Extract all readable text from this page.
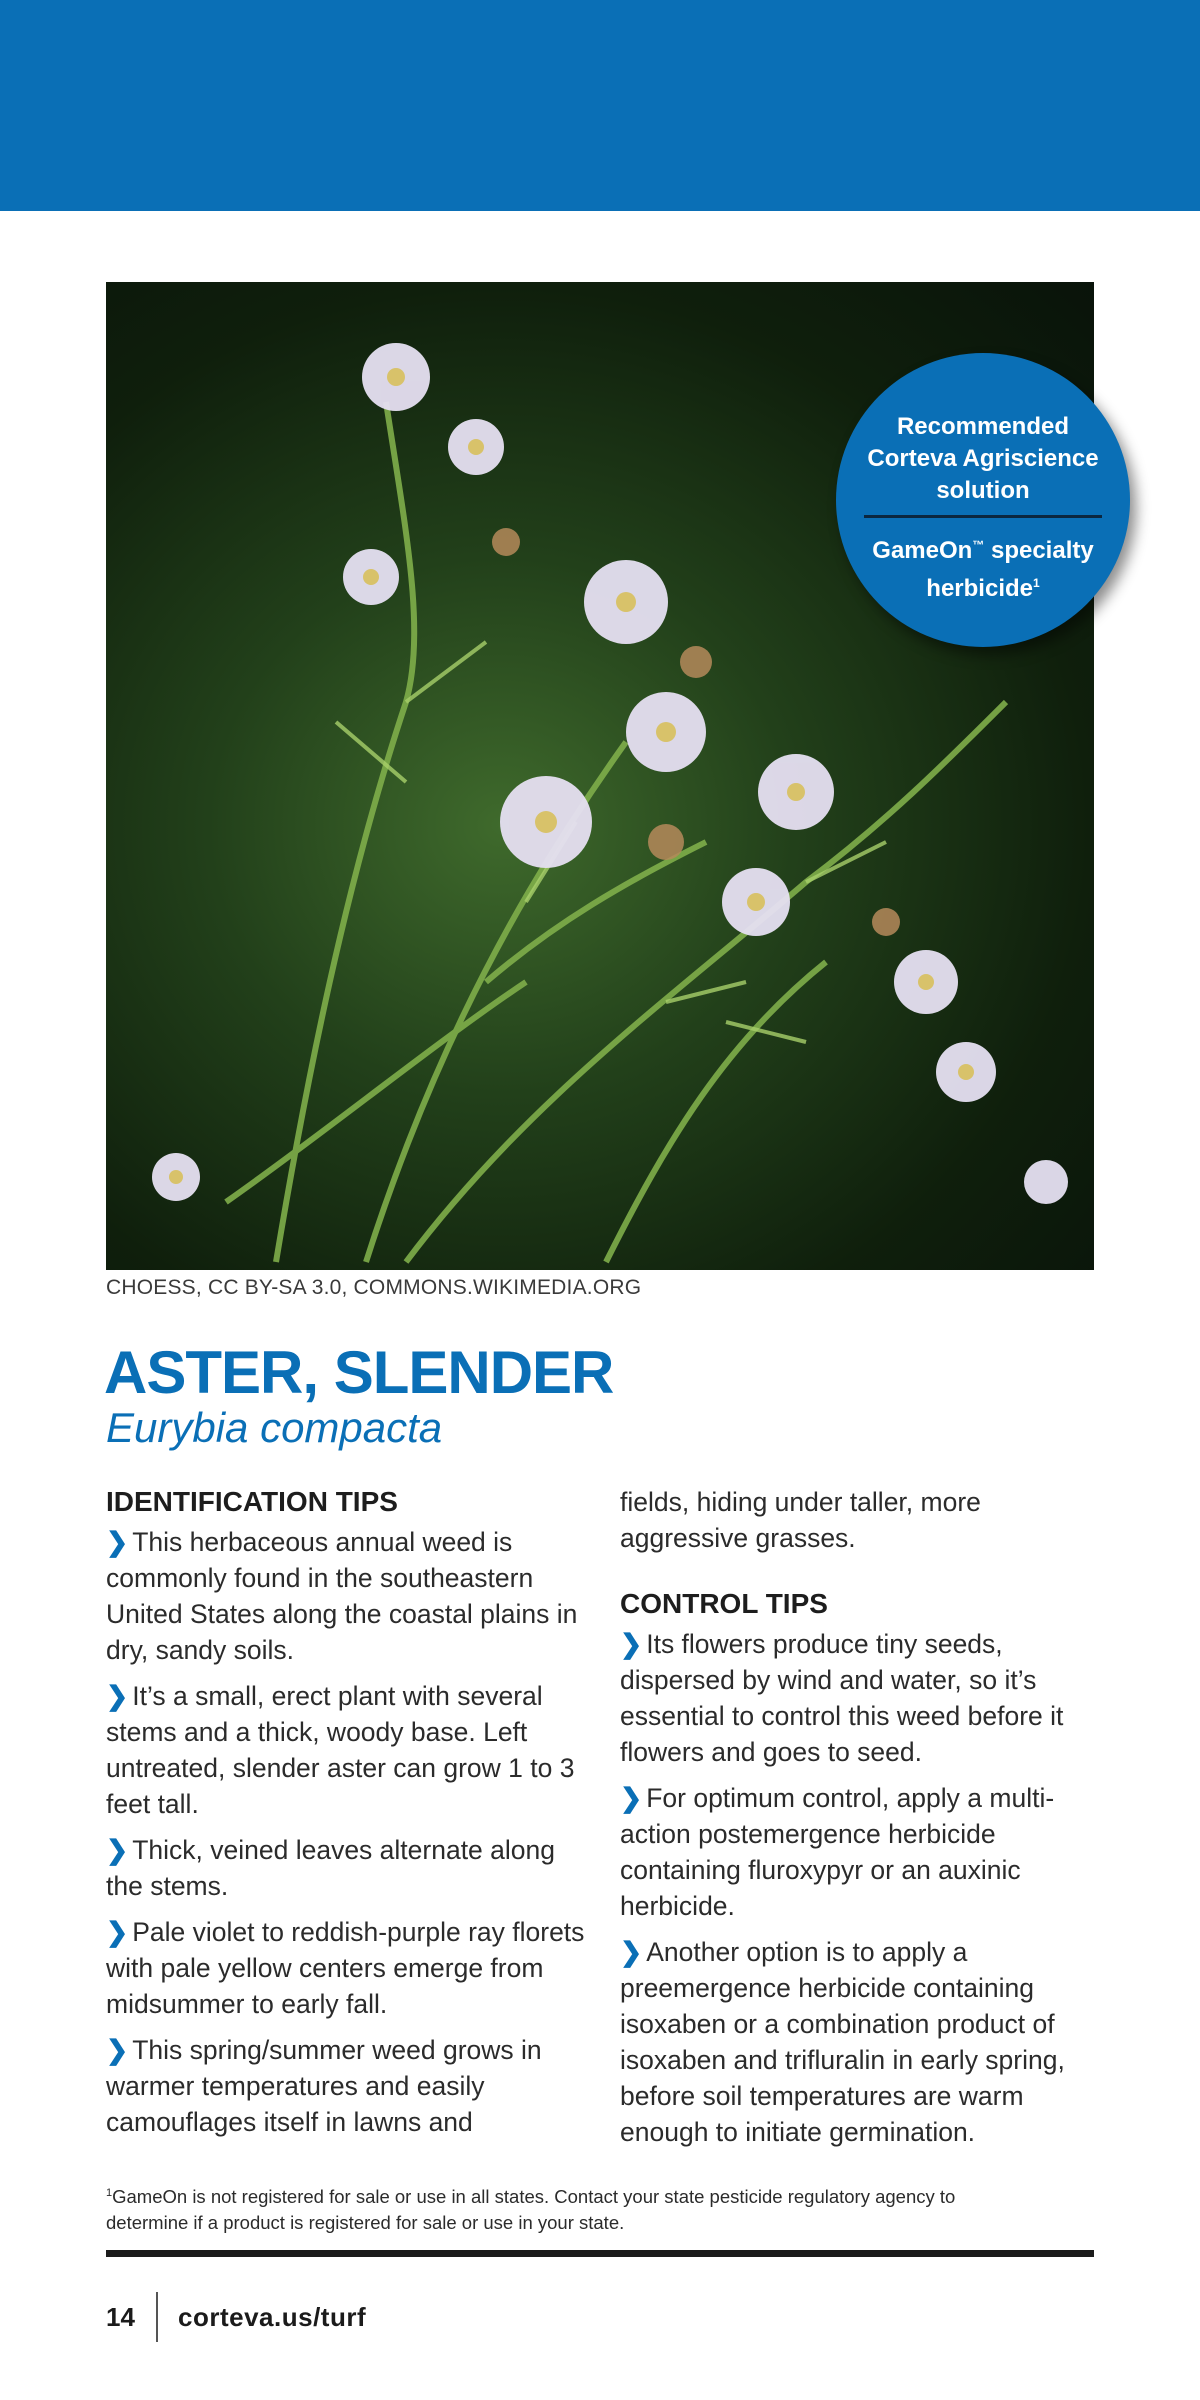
Recommended Corteva Agriscience solution
GameOn™ specialty herbicide$^1$
CHOESS, CC BY-SA 3.0, COMMONS.WIKIMEDIA.ORG
ASTER, SLENDER
Eurybia compacta

IDENTIFICATION TIPS

❯ This herbaceous annual weed is commonly found in the southeastern United States along the coastal plains in dry, sandy soils.

❯ It’s a small, erect plant with several stems and a thick, woody base. Left untreated, slender aster can grow 1 to 3 feet tall.

❯ Thick, veined leaves alternate along the stems.

❯ Pale violet to reddish-purple ray florets with pale yellow centers emerge from midsummer to early fall.

❯ This spring/summer weed grows in warmer temperatures and easily camouflages itself in lawns and

fields, hiding under taller, more aggressive grasses.

CONTROL TIPS

❯ Its flowers produce tiny seeds, dispersed by wind and water, so it’s essential to control this weed before it flowers and goes to seed.

❯ For optimum control, apply a multi-action postemergence herbicide containing fluroxypyr or an auxinic herbicide.

❯ Another option is to apply a preemergence herbicide containing isoxaben or a combination product of isoxaben and trifluralin in early spring, before soil temperatures are warm enough to initiate germination.

$^1$GameOn is not registered for sale or use in all states. Contact your state pesticide regulatory agency to determine if a product is registered for sale or use in your state.
14 corteva.us/turf
